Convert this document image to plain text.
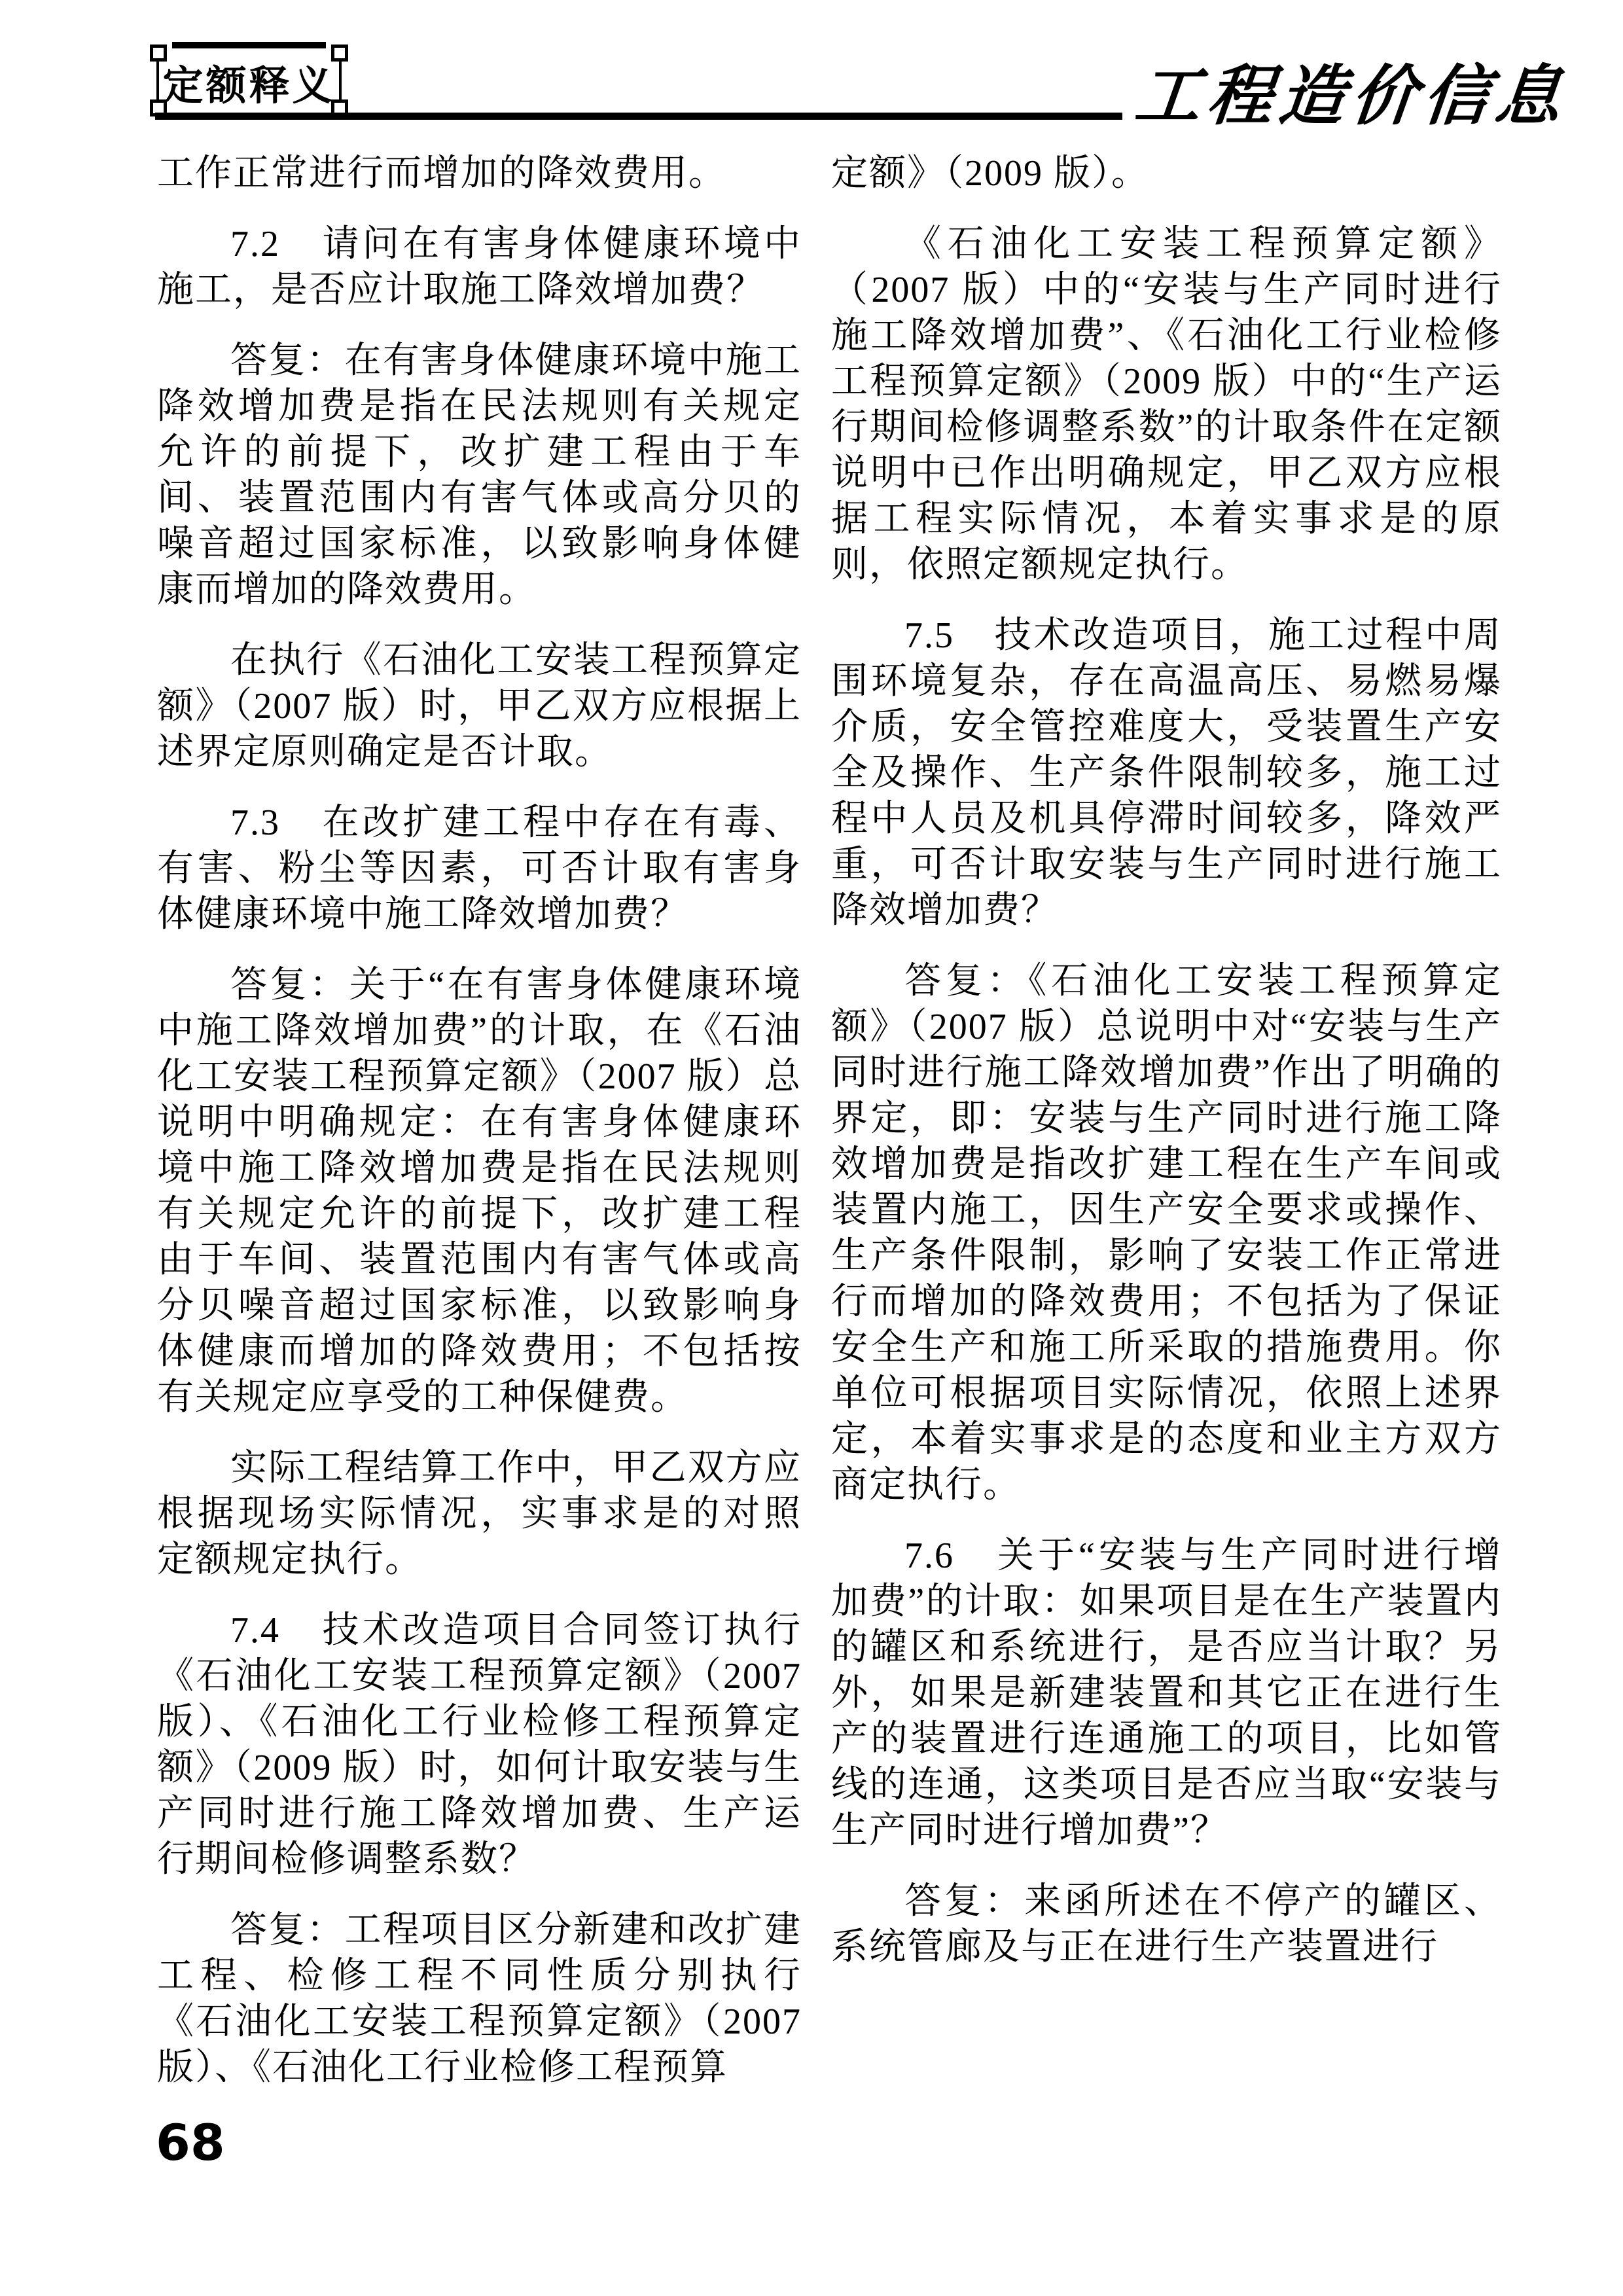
定额释义	工程造价信息

工作正常进行而增加的降效费用。

7.2　请问在有害身体健康环境中施工，是否应计取施工降效增加费？

答复：在有害身体健康环境中施工降效增加费是指在民法规则有关规定允许的前提下，改扩建工程由于车间、装置范围内有害气体或高分贝的噪音超过国家标准，以致影响身体健康而增加的降效费用。

在执行《石油化工安装工程预算定额》（2007 版）时，甲乙双方应根据上述界定原则确定是否计取。

7.3　在改扩建工程中存在有毒、有害、粉尘等因素，可否计取有害身体健康环境中施工降效增加费？

答复：关于“在有害身体健康环境中施工降效增加费”的计取，在《石油化工安装工程预算定额》（2007 版）总说明中明确规定：在有害身体健康环境中施工降效增加费是指在民法规则有关规定允许的前提下，改扩建工程由于车间、装置范围内有害气体或高分贝噪音超过国家标准，以致影响身体健康而增加的降效费用；不包括按有关规定应享受的工种保健费。

实际工程结算工作中，甲乙双方应根据现场实际情况，实事求是的对照定额规定执行。

7.4　技术改造项目合同签订执行《石油化工安装工程预算定额》（2007 版）、《石油化工行业检修工程预算定额》（2009 版）时，如何计取安装与生产同时进行施工降效增加费、生产运行期间检修调整系数？

答复：工程项目区分新建和改扩建工程、检修工程不同性质分别执行《石油化工安装工程预算定额》（2007 版）、《石油化工行业检修工程预算

定额》（2009 版）。

《石油化工安装工程预算定额》（2007 版）中的“安装与生产同时进行施工降效增加费”、《石油化工行业检修工程预算定额》（2009 版）中的“生产运行期间检修调整系数”的计取条件在定额说明中已作出明确规定，甲乙双方应根据工程实际情况，本着实事求是的原则，依照定额规定执行。

7.5　技术改造项目，施工过程中周围环境复杂，存在高温高压、易燃易爆介质，安全管控难度大，受装置生产安全及操作、生产条件限制较多，施工过程中人员及机具停滞时间较多，降效严重，可否计取安装与生产同时进行施工降效增加费？

答复：《石油化工安装工程预算定额》（2007 版）总说明中对“安装与生产同时进行施工降效增加费”作出了明确的界定，即：安装与生产同时进行施工降效增加费是指改扩建工程在生产车间或装置内施工，因生产安全要求或操作、生产条件限制，影响了安装工作正常进行而增加的降效费用；不包括为了保证安全生产和施工所采取的措施费用。你单位可根据项目实际情况，依照上述界定，本着实事求是的态度和业主方双方商定执行。

7.6　关于“安装与生产同时进行增加费”的计取：如果项目是在生产装置内的罐区和系统进行，是否应当计取？另外，如果是新建装置和其它正在进行生产的装置进行连通施工的项目，比如管线的连通，这类项目是否应当取“安装与生产同时进行增加费”？

答复：来函所述在不停产的罐区、系统管廊及与正在进行生产装置进行

68
